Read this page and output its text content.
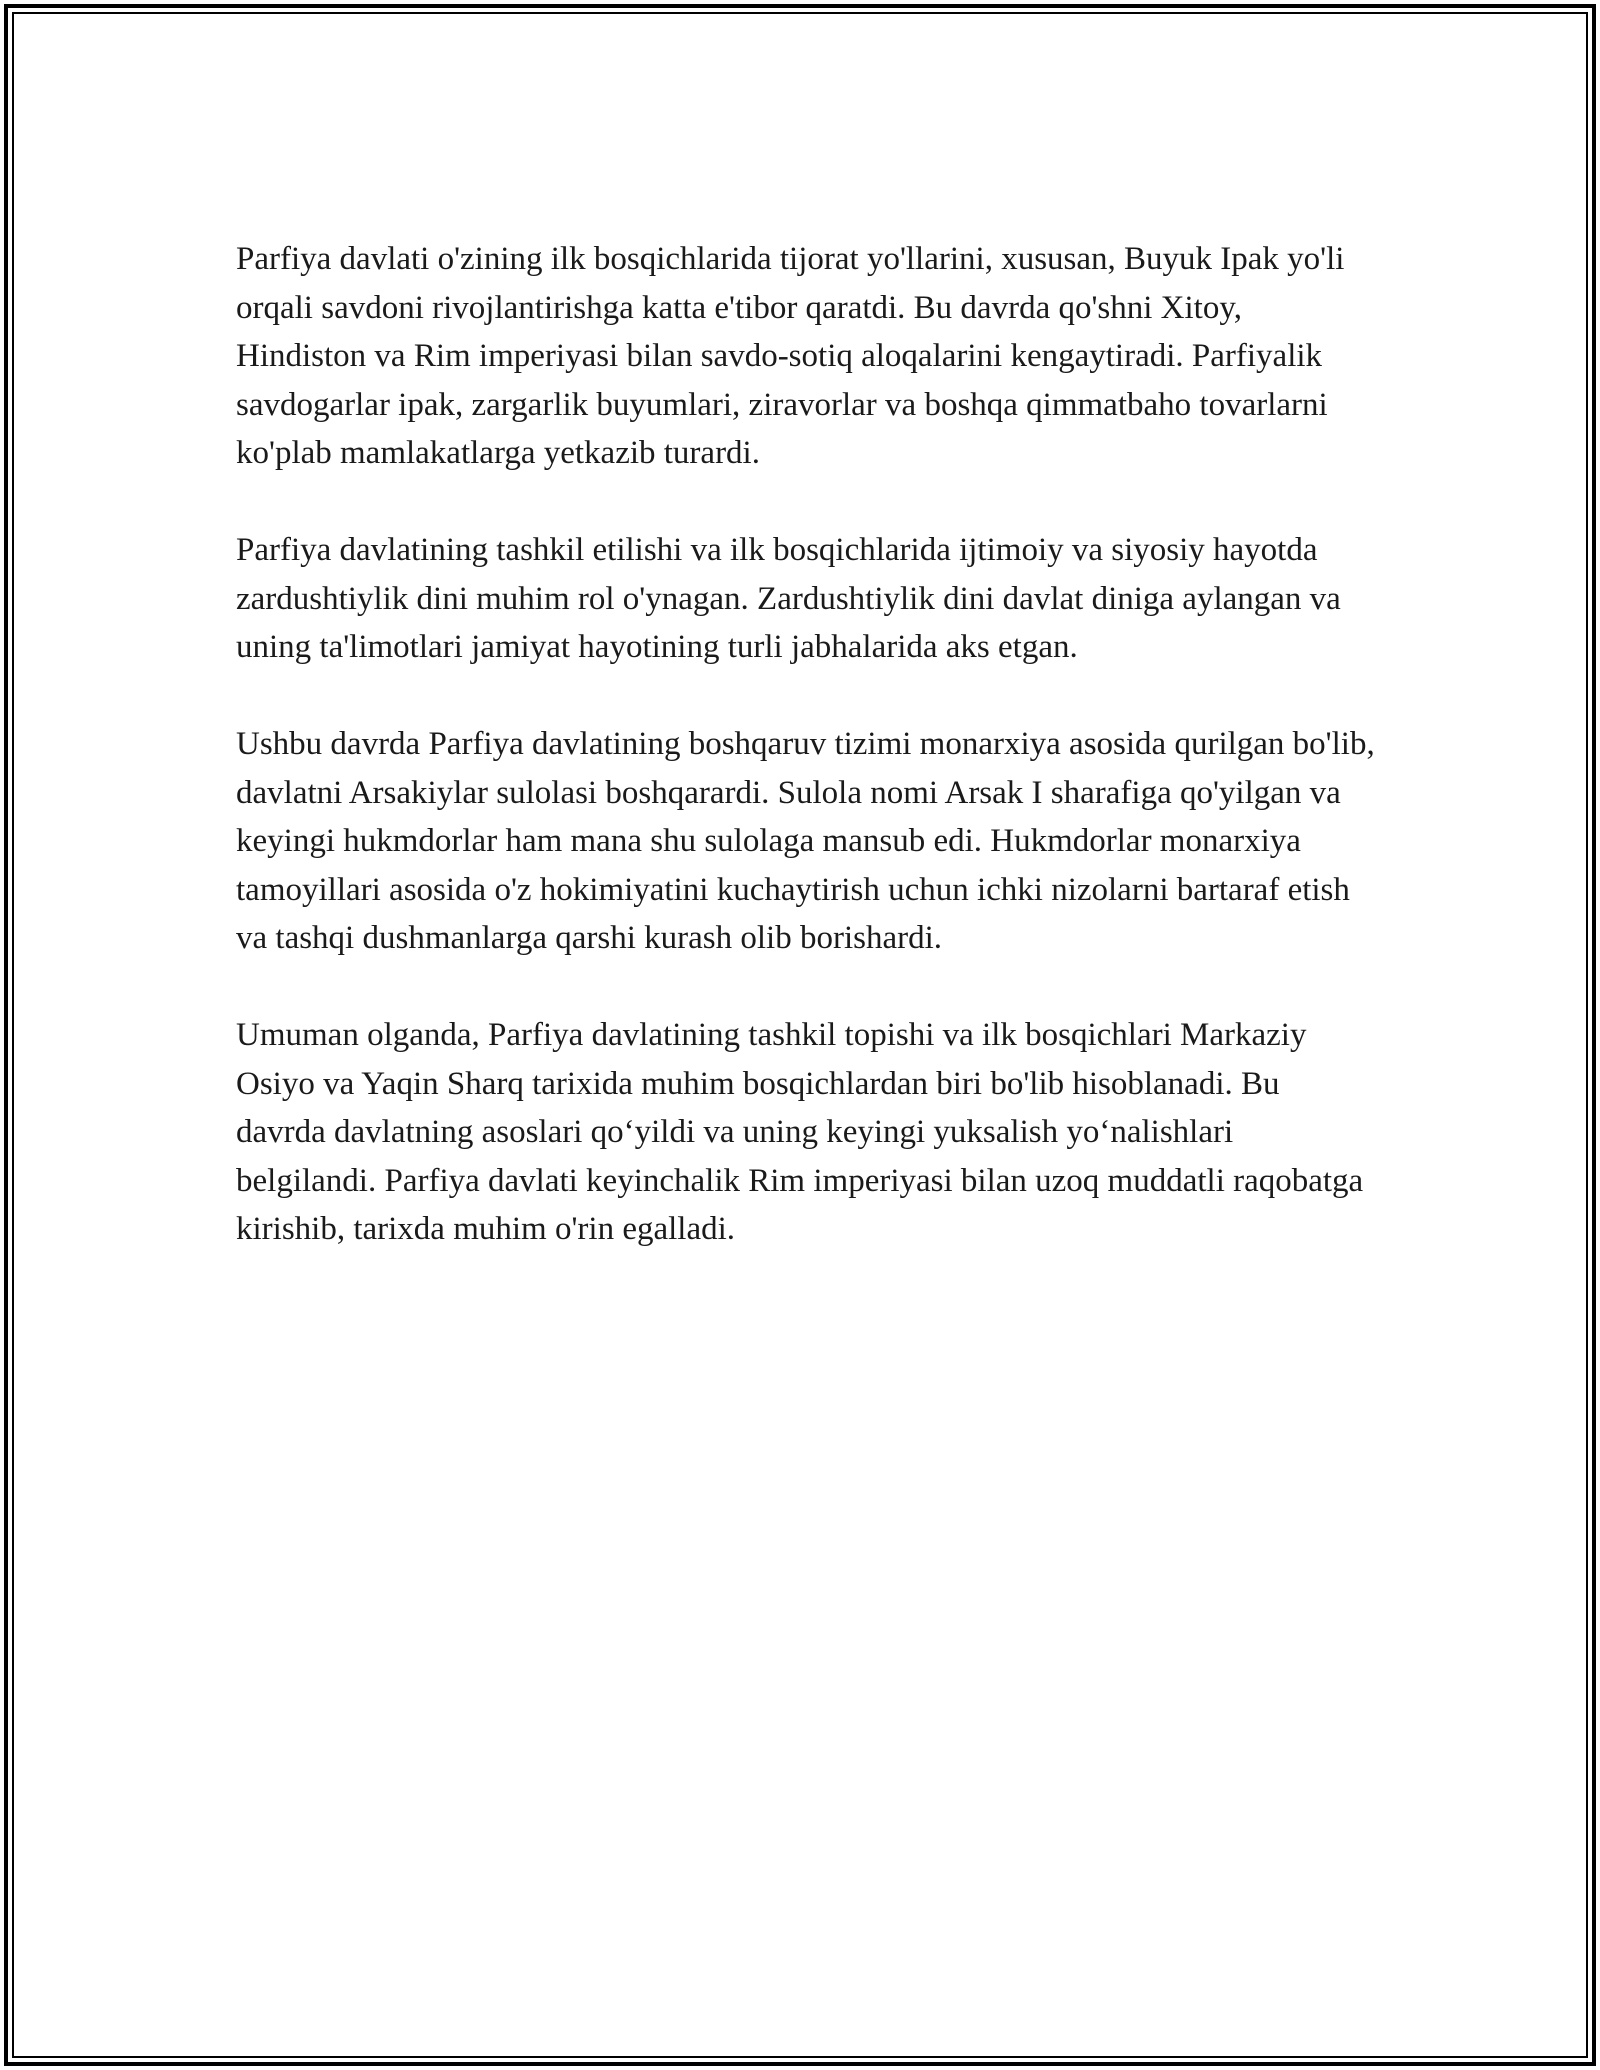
Parfiya davlati o'zining ilk bosqichlarida tijorat yo'llarini, xususan, Buyuk Ipak yo'li orqali savdoni rivojlantirishga katta e'tibor qaratdi. Bu davrda qo'shni Xitoy, Hindiston va Rim imperiyasi bilan savdo-sotiq aloqalarini kengaytiradi. Parfiyalik savdogarlar ipak, zargarlik buyumlari, ziravorlar va boshqa qimmatbaho tovarlarni ko'plab mamlakatlarga yetkazib turardi.

Parfiya davlatining tashkil etilishi va ilk bosqichlarida ijtimoiy va siyosiy hayotda zardushtiylik dini muhim rol o'ynagan. Zardushtiylik dini davlat diniga aylangan va uning ta'limotlari jamiyat hayotining turli jabhalarida aks etgan.

Ushbu davrda Parfiya davlatining boshqaruv tizimi monarxiya asosida qurilgan bo'lib, davlatni Arsakiylar sulolasi boshqarardi. Sulola nomi Arsak I sharafiga qo'yilgan va keyingi hukmdorlar ham mana shu sulolaga mansub edi. Hukmdorlar monarxiya tamoyillari asosida o'z hokimiyatini kuchaytirish uchun ichki nizolarni bartaraf etish va tashqi dushmanlarga qarshi kurash olib borishardi.

Umuman olganda, Parfiya davlatining tashkil topishi va ilk bosqichlari Markaziy Osiyo va Yaqin Sharq tarixida muhim bosqichlardan biri bo'lib hisoblanadi. Bu davrda davlatning asoslari qo‘yildi va uning keyingi yuksalish yo‘nalishlari belgilandi. Parfiya davlati keyinchalik Rim imperiyasi bilan uzoq muddatli raqobatga kirishib, tarixda muhim o'rin egalladi.
